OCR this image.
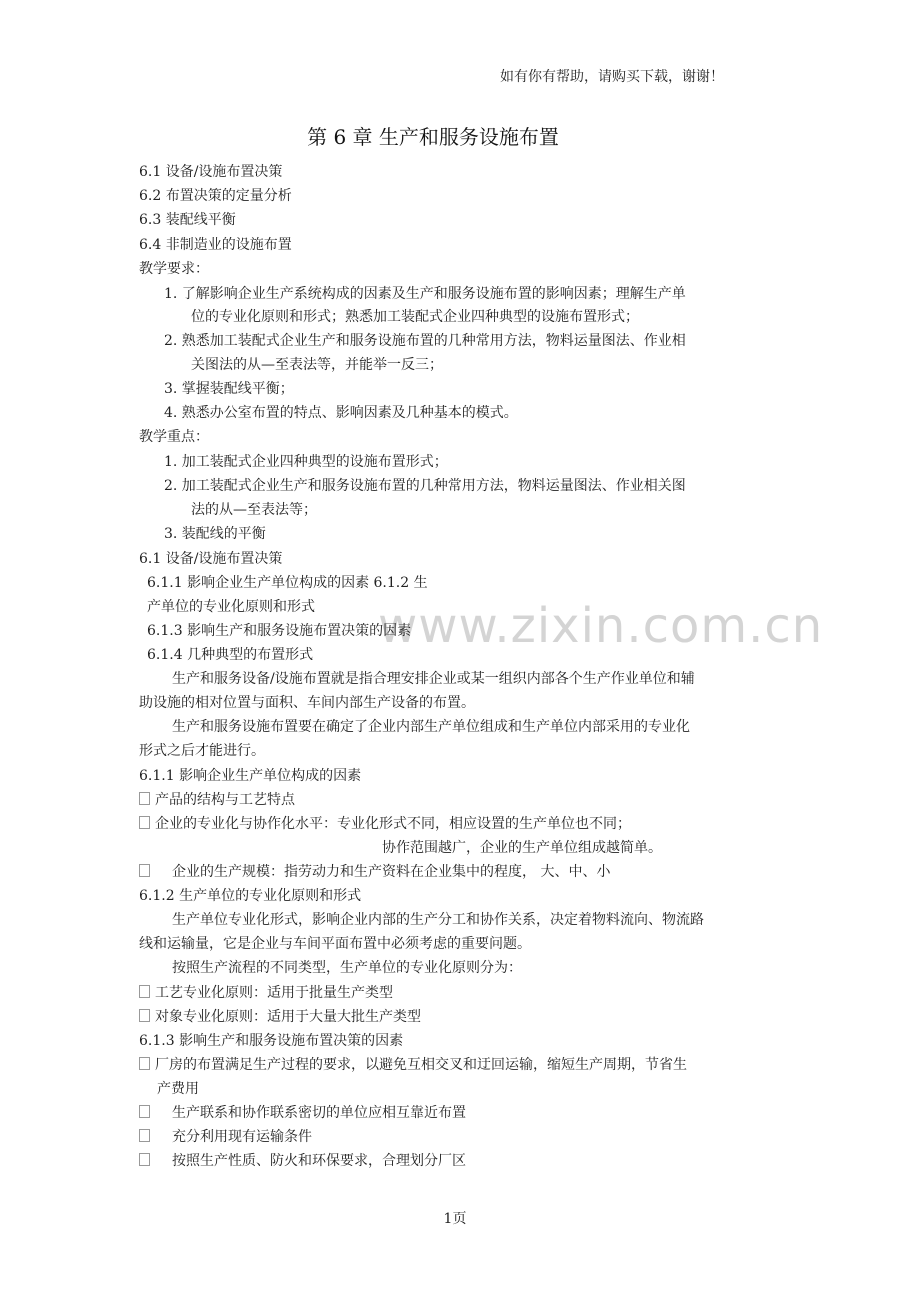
如有你有帮助，请购买下载，谢谢！
第 6 章 生产和服务设施布置
www.zixin.com.cn
6.1 设备/设施布置决策
6.2 布置决策的定量分析
6.3 装配线平衡
6.4 非制造业的设施布置
教学要求：
1. 了解影响企业生产系统构成的因素及生产和服务设施布置的影响因素；理解生产单
位的专业化原则和形式；熟悉加工装配式企业四种典型的设施布置形式；
2. 熟悉加工装配式企业生产和服务设施布置的几种常用方法，物料运量图法、作业相
关图法的从—至表法等，并能举一反三；
3. 掌握装配线平衡；
4. 熟悉办公室布置的特点、影响因素及几种基本的模式。
教学重点：
1. 加工装配式企业四种典型的设施布置形式；
2. 加工装配式企业生产和服务设施布置的几种常用方法，物料运量图法、作业相关图
法的从—至表法等；
3. 装配线的平衡
6.1 设备/设施布置决策
6.1.1 影响企业生产单位构成的因素 6.1.2 生
产单位的专业化原则和形式
6.1.3 影响生产和服务设施布置决策的因素
6.1.4 几种典型的布置形式
生产和服务设备/设施布置就是指合理安排企业或某一组织内部各个生产作业单位和辅
助设施的相对位置与面积、车间内部生产设备的布置。
生产和服务设施布置要在确定了企业内部生产单位组成和生产单位内部采用的专业化
形式之后才能进行。
6.1.1 影响企业生产单位构成的因素
产品的结构与工艺特点
企业的专业化与协作化水平：专业化形式不同，相应设置的生产单位也不同；
协作范围越广，企业的生产单位组成越简单。
企业的生产规模：指劳动力和生产资料在企业集中的程度， 大、中、小
6.1.2 生产单位的专业化原则和形式
生产单位专业化形式，影响企业内部的生产分工和协作关系，决定着物料流向、物流路
线和运输量，它是企业与车间平面布置中必须考虑的重要问题。
按照生产流程的不同类型，生产单位的专业化原则分为：
工艺专业化原则：适用于批量生产类型
对象专业化原则：适用于大量大批生产类型
6.1.3 影响生产和服务设施布置决策的因素
厂房的布置满足生产过程的要求，以避免互相交叉和迂回运输，缩短生产周期，节省生
产费用
生产联系和协作联系密切的单位应相互靠近布置
充分利用现有运输条件
按照生产性质、防火和环保要求，合理划分厂区
1页
